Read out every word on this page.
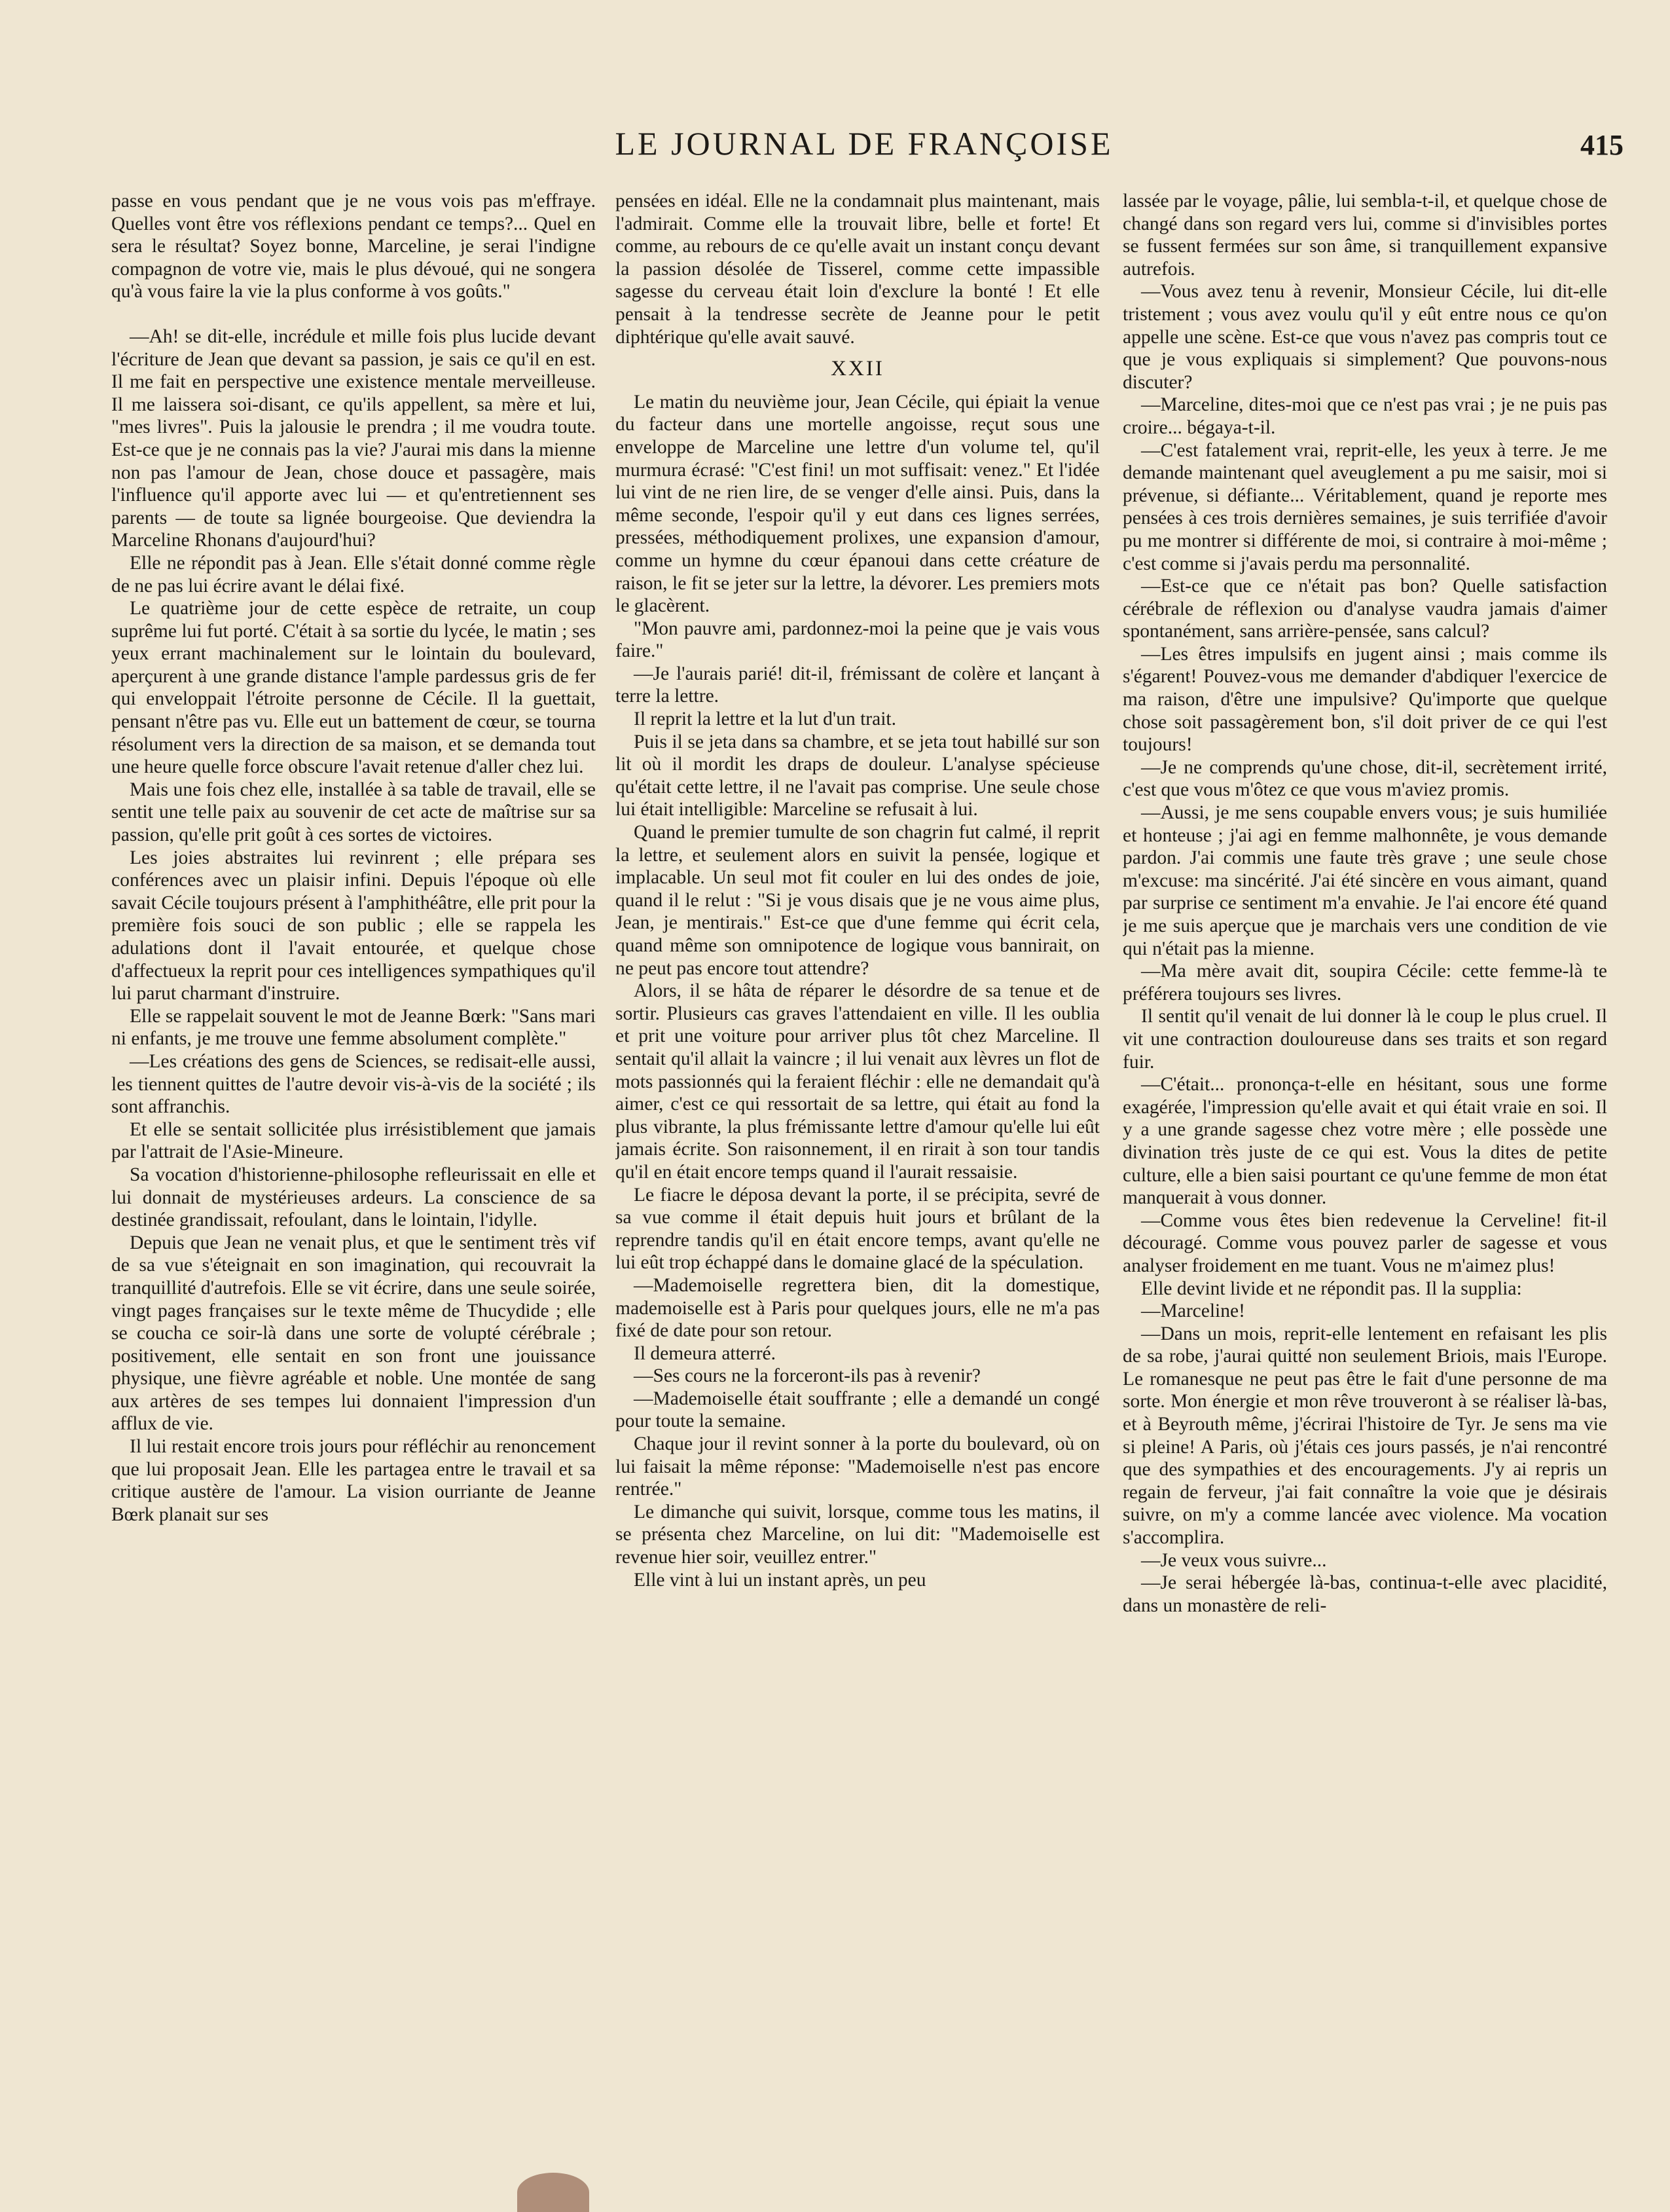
LE JOURNAL DE FRANÇOISE	415

passe en vous pendant que je ne vous vois pas m'effraye. Quelles vont être vos réflexions pendant ce temps?... Quel en sera le résultat? Soyez bonne, Marceline, je serai l'indigne compagnon de votre vie, mais le plus dévoué, qui ne songera qu'à vous faire la vie la plus conforme à vos goûts."

—Ah! se dit-elle, incrédule et mille fois plus lucide devant l'écriture de Jean que devant sa passion, je sais ce qu'il en est. Il me fait en perspective une existence mentale merveilleuse. Il me laissera soi-disant, ce qu'ils appellent, sa mère et lui, "mes livres". Puis la jalousie le prendra ; il me voudra toute. Est-ce que je ne connais pas la vie? J'aurai mis dans la mienne non pas l'amour de Jean, chose douce et passagère, mais l'influence qu'il apporte avec lui — et qu'entretiennent ses parents — de toute sa lignée bourgeoise. Que deviendra la Marceline Rhonans d'aujourd'hui?

Elle ne répondit pas à Jean. Elle s'était donné comme règle de ne pas lui écrire avant le délai fixé.

Le quatrième jour de cette espèce de retraite, un coup suprême lui fut porté. C'était à sa sortie du lycée, le matin ; ses yeux errant machinalement sur le lointain du boulevard, aperçurent à une grande distance l'ample pardessus gris de fer qui enveloppait l'étroite personne de Cécile. Il la guettait, pensant n'être pas vu. Elle eut un battement de cœur, se tourna résolument vers la direction de sa maison, et se demanda tout une heure quelle force obscure l'avait retenue d'aller chez lui.

Mais une fois chez elle, installée à sa table de travail, elle se sentit une telle paix au souvenir de cet acte de maîtrise sur sa passion, qu'elle prit goût à ces sortes de victoires.

Les joies abstraites lui revinrent ; elle prépara ses conférences avec un plaisir infini. Depuis l'époque où elle savait Cécile toujours présent à l'amphithéâtre, elle prit pour la première fois souci de son public ; elle se rappela les adulations dont il l'avait entourée, et quelque chose d'affectueux la reprit pour ces intelligences sympathiques qu'il lui parut charmant d'instruire.

Elle se rappelait souvent le mot de Jeanne Bœrk: "Sans mari ni enfants, je me trouve une femme absolument complète."

—Les créations des gens de Sciences, se redisait-elle aussi, les tiennent quittes de l'autre devoir vis-à-vis de la société ; ils sont affranchis.

Et elle se sentait sollicitée plus irrésistiblement que jamais par l'attrait de l'Asie-Mineure.

Sa vocation d'historienne-philosophe refleurissait en elle et lui donnait de mystérieuses ardeurs. La conscience de sa destinée grandissait, refoulant, dans le lointain, l'idylle.

Depuis que Jean ne venait plus, et que le sentiment très vif de sa vue s'éteignait en son imagination, qui recouvrait la tranquillité d'autrefois. Elle se vit écrire, dans une seule soirée, vingt pages françaises sur le texte même de Thucydide ; elle se coucha ce soir-là dans une sorte de volupté cérébrale ; positivement, elle sentait en son front une jouissance physique, une fièvre agréable et noble. Une montée de sang aux artères de ses tempes lui donnaient l'impression d'un afflux de vie.

Il lui restait encore trois jours pour réfléchir au renoncement que lui proposait Jean. Elle les partagea entre le travail et sa critique austère de l'amour. La vision ourriante de Jeanne Bœrk planait sur ses

pensées en idéal. Elle ne la condamnait plus maintenant, mais l'admirait. Comme elle la trouvait libre, belle et forte! Et comme, au rebours de ce qu'elle avait un instant conçu devant la passion désolée de Tisserel, comme cette impassible sagesse du cerveau était loin d'exclure la bonté ! Et elle pensait à la tendresse secrète de Jeanne pour le petit diphtérique qu'elle avait sauvé.

XXII

Le matin du neuvième jour, Jean Cécile, qui épiait la venue du facteur dans une mortelle angoisse, reçut sous une enveloppe de Marceline une lettre d'un volume tel, qu'il murmura écrasé: "C'est fini! un mot suffisait: venez." Et l'idée lui vint de ne rien lire, de se venger d'elle ainsi. Puis, dans la même seconde, l'espoir qu'il y eut dans ces lignes serrées, pressées, méthodiquement prolixes, une expansion d'amour, comme un hymne du cœur épanoui dans cette créature de raison, le fit se jeter sur la lettre, la dévorer. Les premiers mots le glacèrent.

"Mon pauvre ami, pardonnez-moi la peine que je vais vous faire."

—Je l'aurais parié! dit-il, frémissant de colère et lançant à terre la lettre.

Il reprit la lettre et la lut d'un trait.

Puis il se jeta dans sa chambre, et se jeta tout habillé sur son lit où il mordit les draps de douleur. L'analyse spécieuse qu'était cette lettre, il ne l'avait pas comprise. Une seule chose lui était intelligible: Marceline se refusait à lui.

Quand le premier tumulte de son chagrin fut calmé, il reprit la lettre, et seulement alors en suivit la pensée, logique et implacable. Un seul mot fit couler en lui des ondes de joie, quand il le relut : "Si je vous disais que je ne vous aime plus, Jean, je mentirais." Est-ce que d'une femme qui écrit cela, quand même son omnipotence de logique vous bannirait, on ne peut pas encore tout attendre?

Alors, il se hâta de réparer le désordre de sa tenue et de sortir. Plusieurs cas graves l'attendaient en ville. Il les oublia et prit une voiture pour arriver plus tôt chez Marceline. Il sentait qu'il allait la vaincre ; il lui venait aux lèvres un flot de mots passionnés qui la feraient fléchir : elle ne demandait qu'à aimer, c'est ce qui ressortait de sa lettre, qui était au fond la plus vibrante, la plus frémissante lettre d'amour qu'elle lui eût jamais écrite. Son raisonnement, il en rirait à son tour tandis qu'il en était encore temps quand il l'aurait ressaisie.

Le fiacre le déposa devant la porte, il se précipita, sevré de sa vue comme il était depuis huit jours et brûlant de la reprendre tandis qu'il en était encore temps, avant qu'elle ne lui eût trop échappé dans le domaine glacé de la spéculation.

—Mademoiselle regrettera bien, dit la domestique, mademoiselle est à Paris pour quelques jours, elle ne m'a pas fixé de date pour son retour.

Il demeura atterré.

—Ses cours ne la forceront-ils pas à revenir?

—Mademoiselle était souffrante ; elle a demandé un congé pour toute la semaine.

Chaque jour il revint sonner à la porte du boulevard, où on lui faisait la même réponse: "Mademoiselle n'est pas encore rentrée."

Le dimanche qui suivit, lorsque, comme tous les matins, il se présenta chez Marceline, on lui dit: "Mademoiselle est revenue hier soir, veuillez entrer."

Elle vint à lui un instant après, un peu

lassée par le voyage, pâlie, lui sembla-t-il, et quelque chose de changé dans son regard vers lui, comme si d'invisibles portes se fussent fermées sur son âme, si tranquillement expansive autrefois.

—Vous avez tenu à revenir, Monsieur Cécile, lui dit-elle tristement ; vous avez voulu qu'il y eût entre nous ce qu'on appelle une scène. Est-ce que vous n'avez pas compris tout ce que je vous expliquais si simplement? Que pouvons-nous discuter?

—Marceline, dites-moi que ce n'est pas vrai ; je ne puis pas croire... bégaya-t-il.

—C'est fatalement vrai, reprit-elle, les yeux à terre. Je me demande maintenant quel aveuglement a pu me saisir, moi si prévenue, si défiante... Véritablement, quand je reporte mes pensées à ces trois dernières semaines, je suis terrifiée d'avoir pu me montrer si différente de moi, si contraire à moi-même ; c'est comme si j'avais perdu ma personnalité.

—Est-ce que ce n'était pas bon? Quelle satisfaction cérébrale de réflexion ou d'analyse vaudra jamais d'aimer spontanément, sans arrière-pensée, sans calcul?

—Les êtres impulsifs en jugent ainsi ; mais comme ils s'égarent! Pouvez-vous me demander d'abdiquer l'exercice de ma raison, d'être une impulsive? Qu'importe que quelque chose soit passagèrement bon, s'il doit priver de ce qui l'est toujours!

—Je ne comprends qu'une chose, dit-il, secrètement irrité, c'est que vous m'ôtez ce que vous m'aviez promis.

—Aussi, je me sens coupable envers vous; je suis humiliée et honteuse ; j'ai agi en femme malhonnête, je vous demande pardon. J'ai commis une faute très grave ; une seule chose m'excuse: ma sincérité. J'ai été sincère en vous aimant, quand par surprise ce sentiment m'a envahie. Je l'ai encore été quand je me suis aperçue que je marchais vers une condition de vie qui n'était pas la mienne.

—Ma mère avait dit, soupira Cécile: cette femme-là te préférera toujours ses livres.

Il sentit qu'il venait de lui donner là le coup le plus cruel. Il vit une contraction douloureuse dans ses traits et son regard fuir.

—C'était... prononça-t-elle en hésitant, sous une forme exagérée, l'impression qu'elle avait et qui était vraie en soi. Il y a une grande sagesse chez votre mère ; elle possède une divination très juste de ce qui est. Vous la dites de petite culture, elle a bien saisi pourtant ce qu'une femme de mon état manquerait à vous donner.

—Comme vous êtes bien redevenue la Cerveline! fit-il découragé. Comme vous pouvez parler de sagesse et vous analyser froidement en me tuant. Vous ne m'aimez plus!

Elle devint livide et ne répondit pas. Il la supplia:

—Marceline!

—Dans un mois, reprit-elle lentement en refaisant les plis de sa robe, j'aurai quitté non seulement Briois, mais l'Europe. Le romanesque ne peut pas être le fait d'une personne de ma sorte. Mon énergie et mon rêve trouveront à se réaliser là-bas, et à Beyrouth même, j'écrirai l'histoire de Tyr. Je sens ma vie si pleine! A Paris, où j'étais ces jours passés, je n'ai rencontré que des sympathies et des encouragements. J'y ai repris un regain de ferveur, j'ai fait connaître la voie que je désirais suivre, on m'y a comme lancée avec violence. Ma vocation s'accomplira.

—Je veux vous suivre...

—Je serai hébergée là-bas, continua-t-elle avec placidité, dans un monastère de reli-
